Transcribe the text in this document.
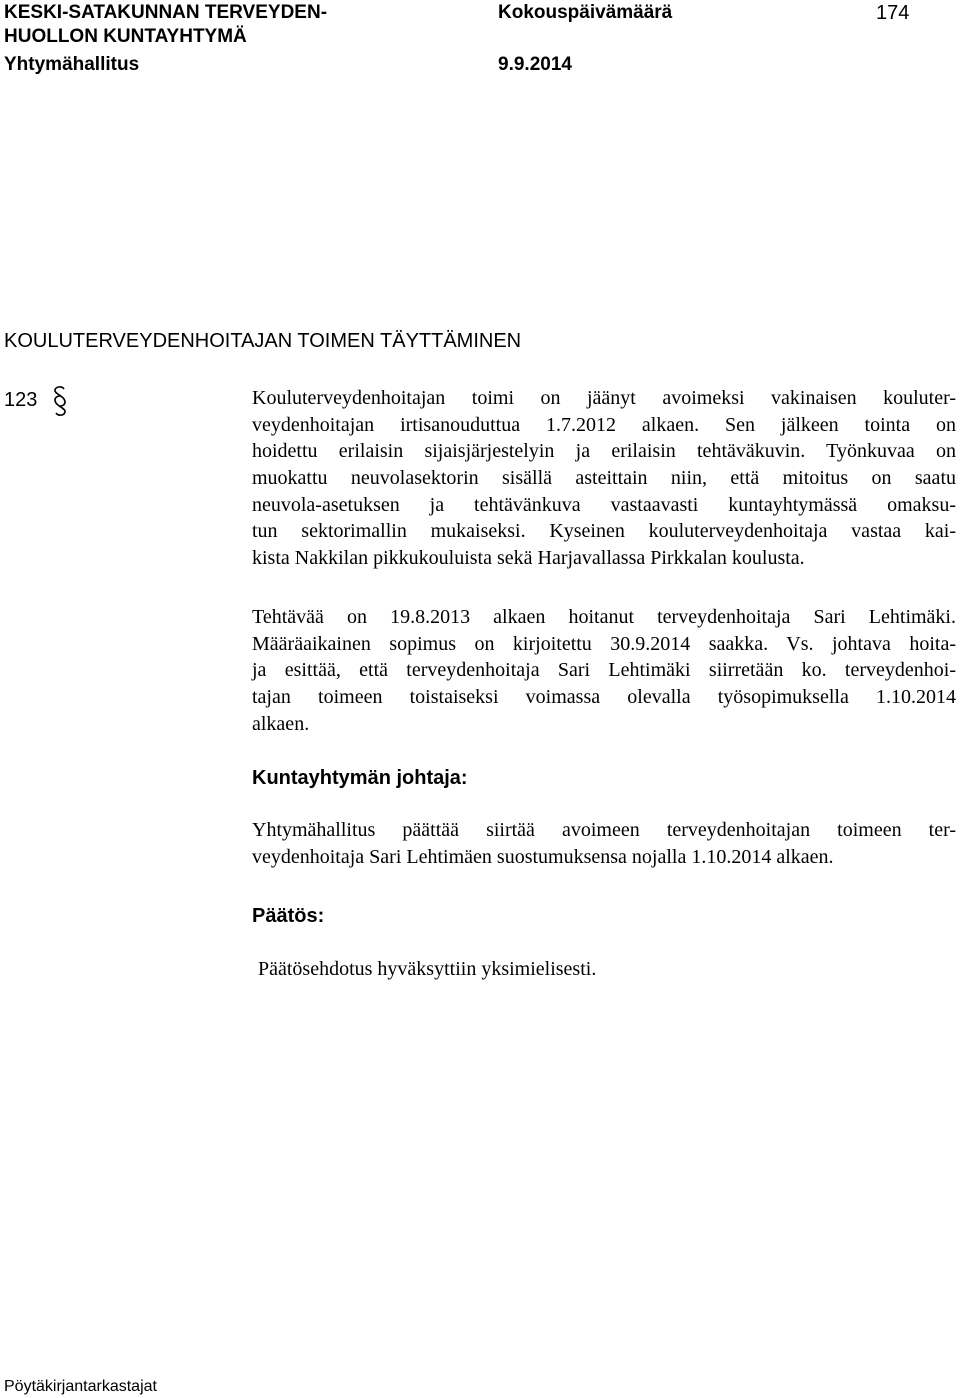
KESKI-SATAKUNNAN TERVEYDEN-
HUOLLON KUNTAYHTYMÄ
Yhtymähallitus
Kokouspäivämäärä
9.9.2014
174
KOULUTERVEYDENHOITAJAN TOIMEN TÄYTTÄMINEN
123	Kouluterveydenhoitajan toimi on jäänyt avoimeksi vakinaisen kouluter-
veydenhoitajan irtisanouduttua 1.7.2012 alkaen. Sen jälkeen tointa on
hoidettu erilaisin sijaisjärjestelyin ja erilaisin tehtäväkuvin. Työnkuvaa on
muokattu neuvolasektorin sisällä asteittain niin, että mitoitus on saatu
neuvola-asetuksen ja tehtävänkuva vastaavasti kuntayhtymässä omaksu-
tun sektorimallin mukaiseksi. Kyseinen kouluterveydenhoitaja vastaa kai-
kista Nakkilan pikkukouluista sekä Harjavallassa Pirkkalan koulusta.
Tehtävää on 19.8.2013 alkaen hoitanut terveydenhoitaja Sari Lehtimäki.
Määräaikainen sopimus on kirjoitettu 30.9.2014 saakka. Vs. johtava hoita-
ja esittää, että terveydenhoitaja Sari Lehtimäki siirretään ko. terveydenhoi-
tajan toimeen toistaiseksi voimassa olevalla työsopimuksella 1.10.2014
alkaen.
Kuntayhtymän johtaja:
Yhtymähallitus päättää siirtää avoimeen terveydenhoitajan toimeen ter-
veydenhoitaja Sari Lehtimäen suostumuksensa nojalla 1.10.2014 alkaen.
Päätös:
Päätösehdotus hyväksyttiin yksimielisesti.
Pöytäkirjantarkastajat
